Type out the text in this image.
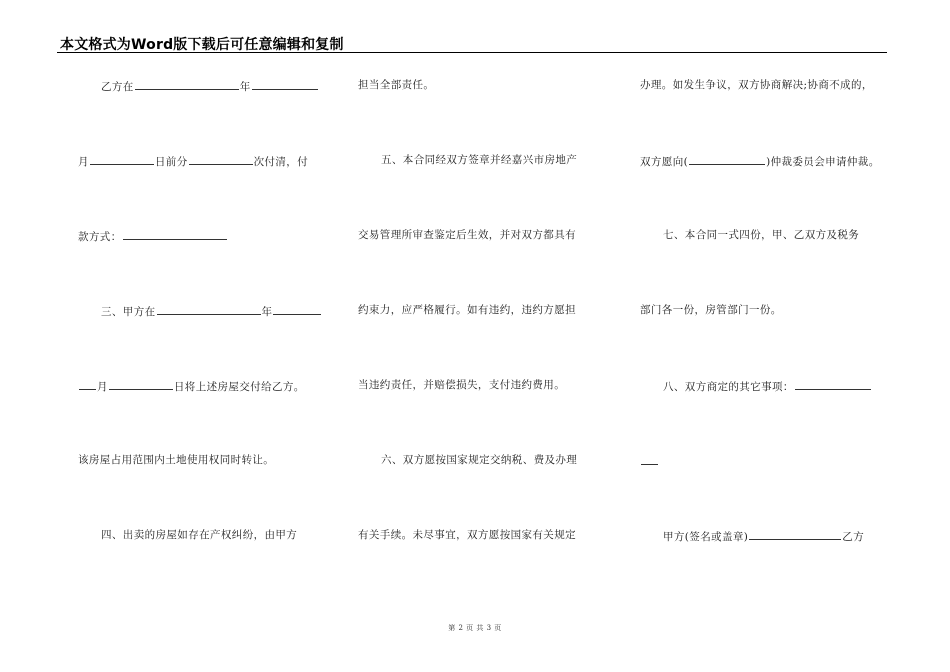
本文格式为Word版下载后可任意编辑和复制
乙方在	年
月	日前分	次付清，付
款方式：
三、甲方在	年
月	日将上述房屋交付给乙方。
该房屋占用范围内土地使用权同时转让。
四、出卖的房屋如存在产权纠纷，由甲方
担当全部责任。
五、本合同经双方签章并经嘉兴市房地产
交易管理所审查鉴定后生效，并对双方都具有
约束力，应严格履行。如有违约，违约方愿担
当违约责任，并赔偿损失，支付违约费用。
六、双方愿按国家规定交纳税、费及办理
有关手续。未尽事宜，双方愿按国家有关规定
办理。如发生争议，双方协商解决;协商不成的，
双方愿向(	)仲裁委员会申请仲裁。
七、本合同一式四份，甲、乙双方及税务
部门各一份，房管部门一份。
八、双方商定的其它事项：
甲方(签名或盖章)	乙方
第 2 页 共 3 页
